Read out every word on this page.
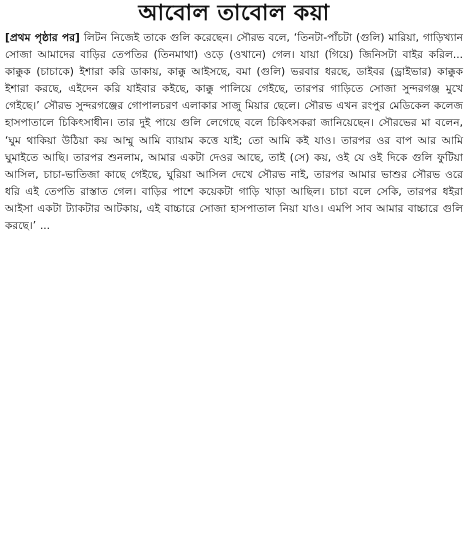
আবোল তাবোল কয়া
[প্রথম পৃষ্ঠার পর] লিটন নিজেই তাকে গুলি করেছেন। সৌরভ বলে, ‘তিনটা-পাঁচটা (গুলি) মারিয়া, গাড়িখ্যান সোজা আমাদের বাড়ির তেপতির (তিনমাথা) ওড়ে (ওখানে) গেল। যায়া (গিয়ে) জিনিসটা বাইর করিল... কাক্কুক (চাচাকে) ইশারা করি ডাকায়, কাক্কু আইসছে, বমা (গুলি) ভরবার ধরছে, ডাইবর (ড্রাইভার) কাক্কুক ইশারা করছে, এইদেন করি যাইবার কইছে, কাক্কু পালিয়ে গেইছে, তারপর গাড়িতে সোজা সুন্দরগঞ্জ মুখে গেইছে।’ সৌরভ সুন্দরগঞ্জের গোপালচরণ এলাকার সাজু মিয়ার ছেলে। সৌরভ এখন রংপুর মেডিকেল কলেজ হাসপাতালে চিকিৎসাধীন। তার দুই পায়ে গুলি লেগেছে বলে চিকিৎসকরা জানিয়েছেন। সৌরভের মা বলেন, ‘ঘুম থাকিয়া উঠিয়া কয় আম্মু আমি ব্যায়াম কত্তে যাই; তো আমি কই যাও। তারপর ওর বাপ আর আমি ঘুমাইতে আছি। তারপর শুনলাম, আমার একটা দেওর আছে, তাই (সে) কয়, ওই যে ওই দিকে গুলি ফুটিয়া আসিল, চাচা-ভাতিজা কাছে গেইছে, ঘুরিয়া আসিল দেখে সৌরভ নাই, তারপর আমার ভাশুর সৌরভ ওরে ধরি এই তেপতি রাস্তাত গেল। বাড়ির পাশে কয়েকটা গাড়ি খাড়া আছিল। চাচা বলে সেকি, তারপর ধইরা আইসা একটা ট্যাকটার আটকায়, এই বাচ্চারে সোজা হাসপাতাল নিয়া যাও। এমপি সাব আমার বাচ্চারে গুলি করছে।’ ...
